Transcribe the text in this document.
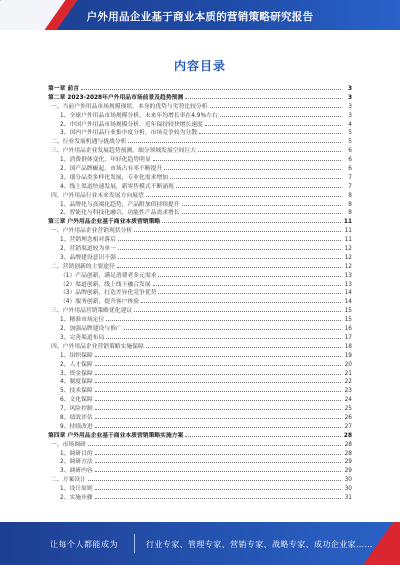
户外用品企业基于商业本质的营销策略研究报告
内容目录
第一章 前言	3
第二章 2023-2028年户外用品市场前景及趋势预测	3
一、当前户外用品市场规模现状，本身的优势与劣势比较分析	3
1、全球户外用品市场规模分析，未来年均增长率在4.9%左右	3
2、中国户外用品市场规模分析，近年保持较快增长速度	4
3、国内户外用品行业集中度分析，市场竞争较为分散	5
二、行业发展机遇与挑战分析	5
三、户外用品企业发展趋势预测，细分领域发展空间巨大	6
1、消费群体变化，年轻化趋势明显	6
2、国产品牌崛起，市场占有率不断提升	6
3、细分品类多样化发展，专业化需求增加	7
4、线上渠道快速发展，新零售模式不断涌现	7
四、户外用品行业未来发展方向展望	8
1、品牌化与高端化趋势，产品附加值持续提升	8
2、智能化与科技化融合，功能性产品需求增长	8
第三章 户外用品企业基于商业本质营销策略	11
一、户外用品企业营销现状分析	11
1、营销理念相对落后	11
2、营销渠道较为单一	12
3、品牌建设意识不强	12
二、营销创新的主要途径	12
（1）产品创新，满足消费者多元需求	13
（2）渠道创新，线上线下融合发展	13
（3）品牌创新，打造差异化竞争优势	14
（4）服务创新，提升客户体验	14
三、户外用品营销策略优化建议	15
1、精准市场定位	15
2、加强品牌建设与推广	16
3、完善渠道布局	17
四、户外用品企业营销策略实施保障	18
1、组织保障	19
2、人才保障	20
3、资金保障	21
4、制度保障	22
5、技术保障	23
6、文化保障	24
7、风险控制	25
8、绩效评估	26
9、持续改进	27
第四章 户外用品企业基于商业本质营销策略实施方案	28
一、市场调研	28
1、调研目的	28
2、调研方法	29
3、调研内容	29
二、方案设计	30
1、设计原则	30
2、实施步骤	31
让每个人都能成为	行业专家、管理专家、营销专家、战略专家、成功企业家……
